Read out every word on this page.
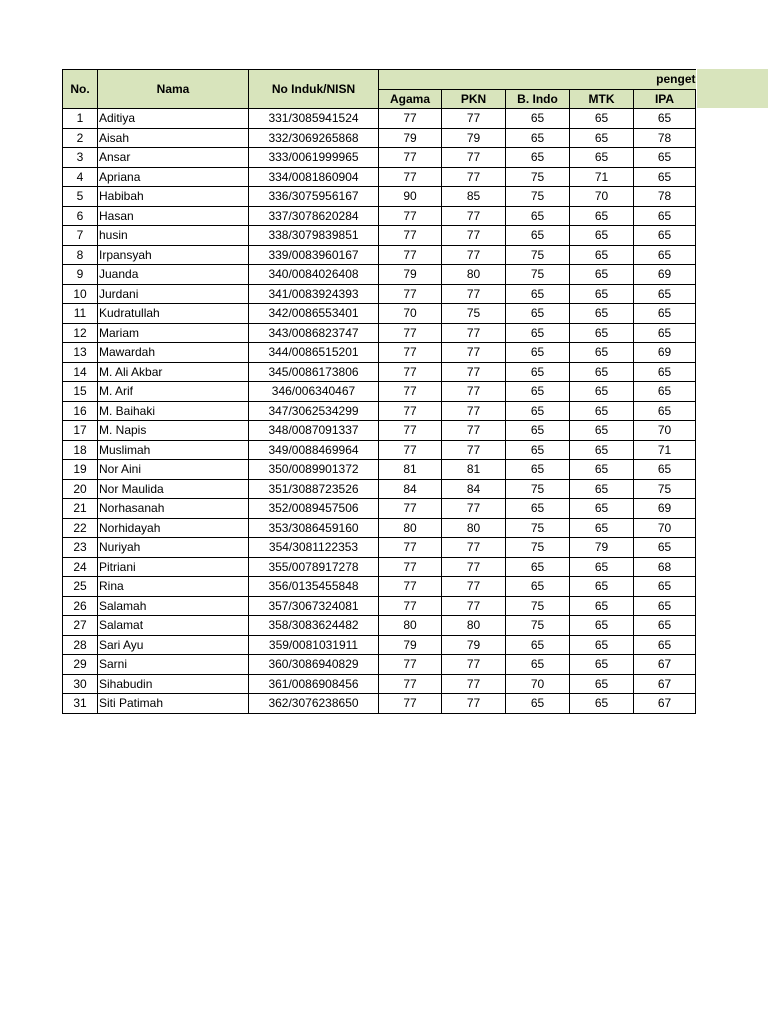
No.	Nama	No Induk/NISN	penget				
			Agama	PKN	B. Indo	MTK	IPA
1	Aditiya	331/3085941524	77	77	65	65	65
2	Aisah	332/3069265868	79	79	65	65	78
3	Ansar	333/0061999965	77	77	65	65	65
4	Apriana	334/0081860904	77	77	75	71	65
5	Habibah	336/3075956167	90	85	75	70	78
6	Hasan	337/3078620284	77	77	65	65	65
7	husin	338/3079839851	77	77	65	65	65
8	Irpansyah	339/0083960167	77	77	75	65	65
9	Juanda	340/0084026408	79	80	75	65	69
10	Jurdani	341/0083924393	77	77	65	65	65
11	Kudratullah	342/0086553401	70	75	65	65	65
12	Mariam	343/0086823747	77	77	65	65	65
13	Mawardah	344/0086515201	77	77	65	65	69
14	M. Ali Akbar	345/0086173806	77	77	65	65	65
15	M. Arif	346/006340467	77	77	65	65	65
16	M. Baihaki	347/3062534299	77	77	65	65	65
17	M. Napis	348/0087091337	77	77	65	65	70
18	Muslimah	349/0088469964	77	77	65	65	71
19	Nor Aini	350/0089901372	81	81	65	65	65
20	Nor Maulida	351/3088723526	84	84	75	65	75
21	Norhasanah	352/0089457506	77	77	65	65	69
22	Norhidayah	353/3086459160	80	80	75	65	70
23	Nuriyah	354/3081122353	77	77	75	79	65
24	Pitriani	355/0078917278	77	77	65	65	68
25	Rina	356/0135455848	77	77	65	65	65
26	Salamah	357/3067324081	77	77	75	65	65
27	Salamat	358/3083624482	80	80	75	65	65
28	Sari Ayu	359/0081031911	79	79	65	65	65
29	Sarni	360/3086940829	77	77	65	65	67
30	Sihabudin	361/0086908456	77	77	70	65	67
31	Siti Patimah	362/3076238650	77	77	65	65	67
